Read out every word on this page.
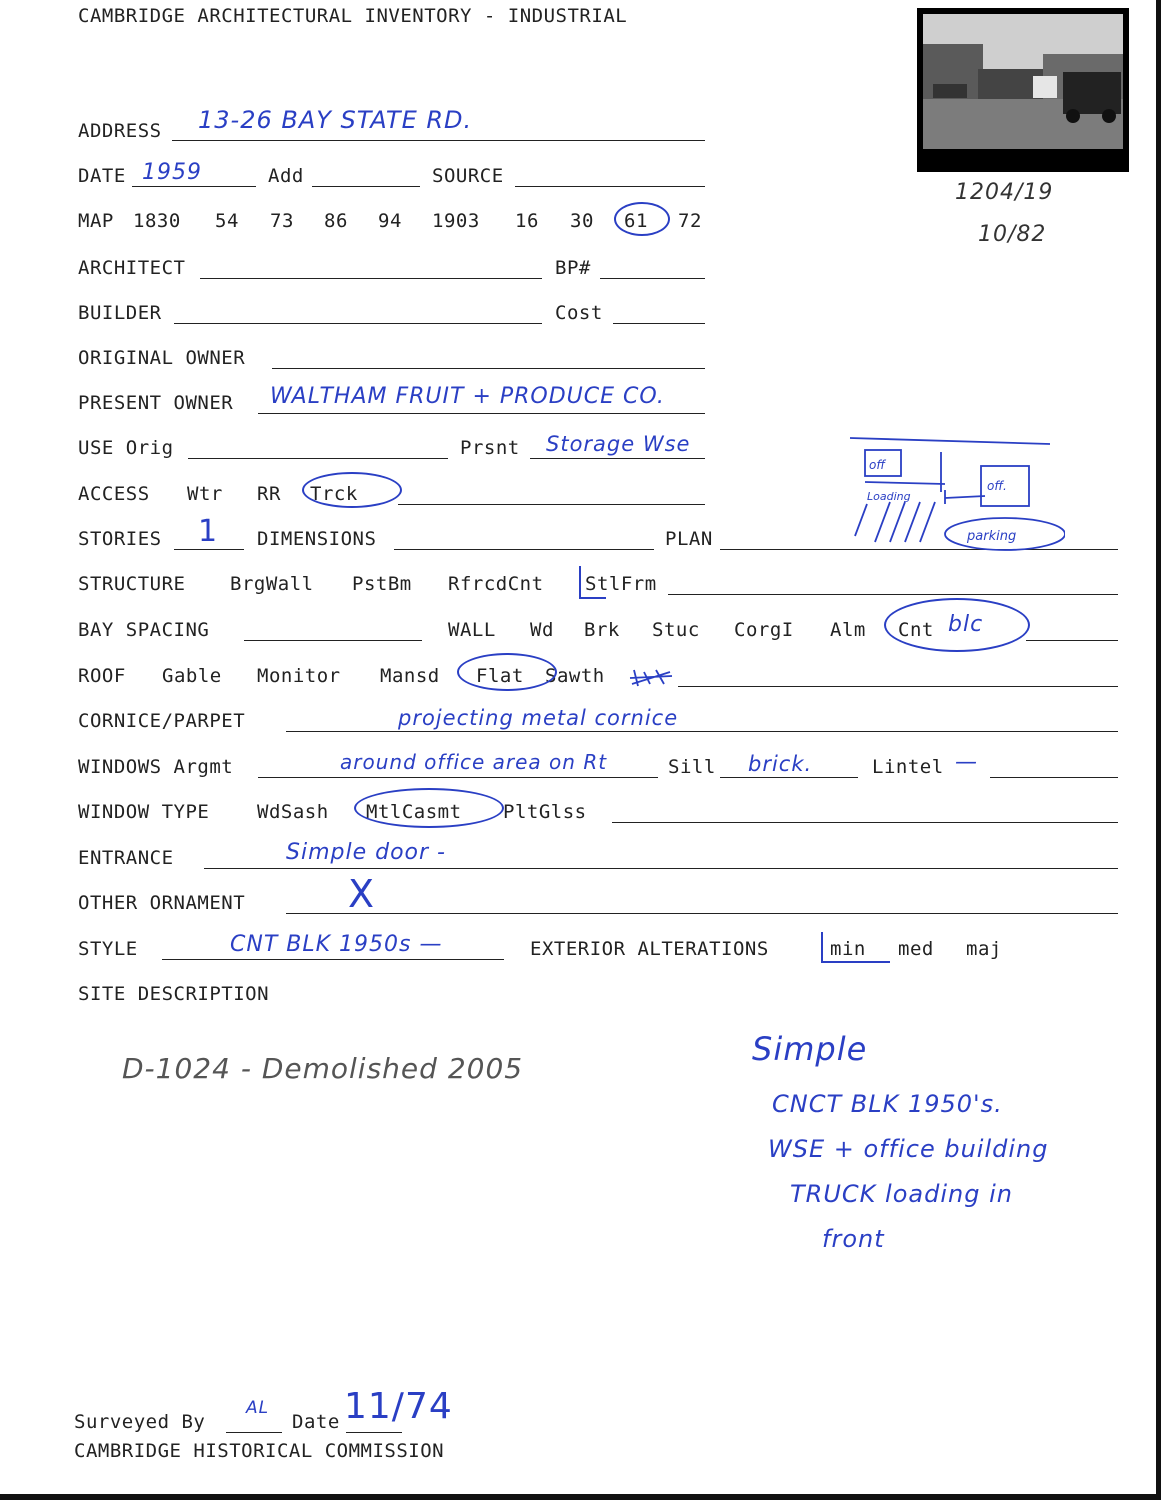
CAMBRIDGE ARCHITECTURAL INVENTORY - INDUSTRIAL
1204/19
10/82
ADDRESS 13-26 BAY STATE RD.
DATE 1959	Add	SOURCE
MAP 1830 54 73 86 94 1903 16 30 61 72
ARCHITECT	BP#
BUILDER	Cost
ORIGINAL OWNER
PRESENT OWNER WALTHAM FRUIT + PRODUCE CO.
USE Orig	Prsnt Storage Wse
ACCESS Wtr RR Trck
STORIES 1 DIMENSIONS	PLAN
off
Loading
off.
parking
STRUCTURE BrgWall PstBm RfrcdCnt StlFrm
BAY SPACING	WALL Wd Brk Stuc CorgI Alm Cnt blc
ROOF Gable Monitor Mansd Flat Sawth
CORNICE/PARPET	projecting metal cornice
WINDOWS Argmt	around office area on Rt	Sill brick.	Lintel —
WINDOW TYPE	WdSash MtlCasmt PltGlss
ENTRANCE	Simple door -
OTHER ORNAMENT	X
STYLE	CNT BLK 1950s —	EXTERIOR ALTERATIONS	min med maj
SITE DESCRIPTION
D-1024 - Demolished 2005
Simple
CNCT BLK 1950's.
WSE + office building
TRUCK loading in
front
Surveyed By
AL
Date 11/74
CAMBRIDGE HISTORICAL COMMISSION
